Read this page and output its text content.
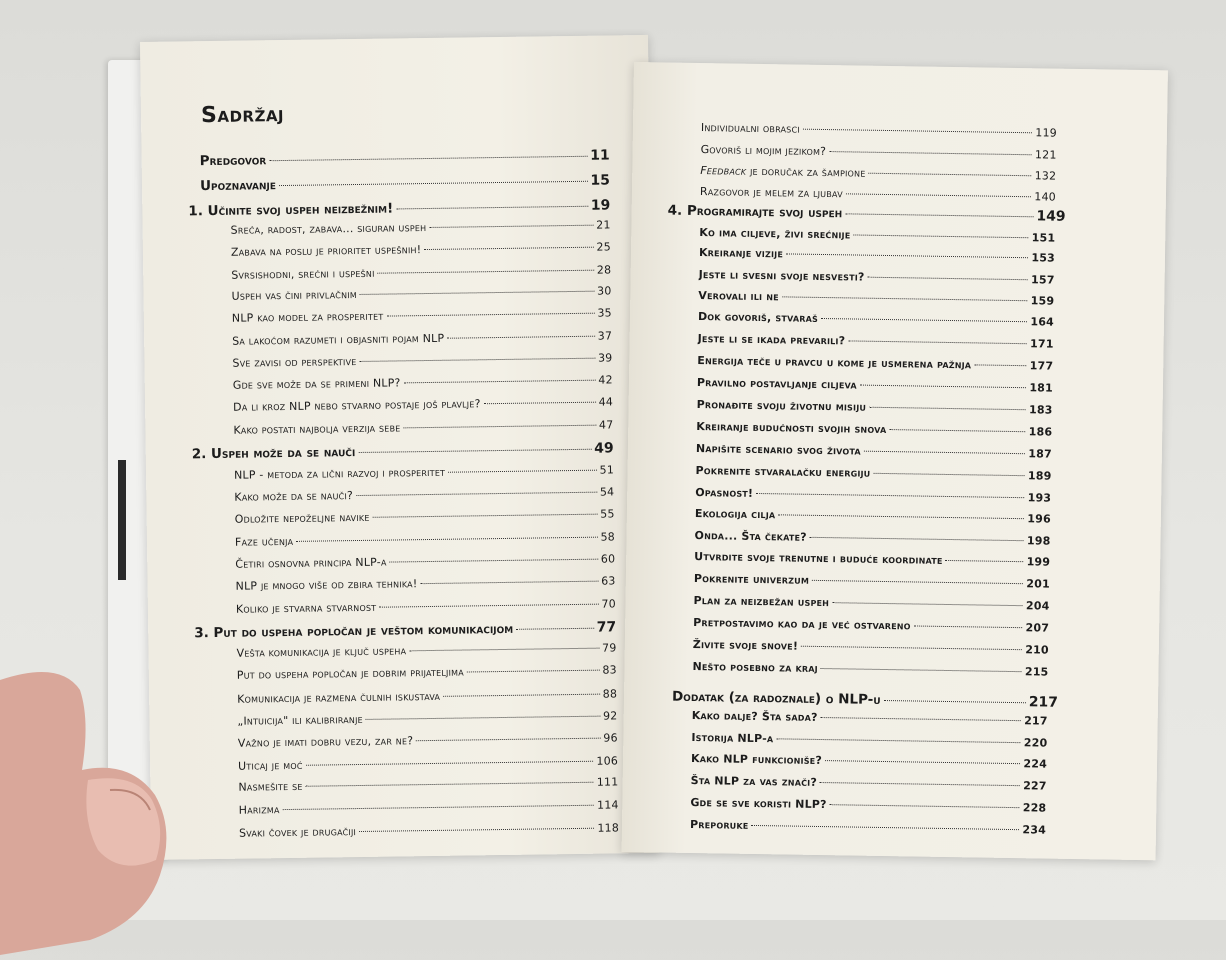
Sadržaj
Predgovor	11
Upoznavanje	15
1. Učinite svoj uspeh neizbežnim!	19
Sreća, radost, zabava... siguran uspeh	21
Zabava na poslu je prioritet uspešnih!	25
Svrsishodni, srećni i uspešni	28
Uspeh vas čini privlačnim	30
NLP kao model za prosperitet	35
Sa lakoćom razumeti i objasniti pojam NLP	37
Sve zavisi od perspektive	39
Gde sve može da se primeni NLP?	42
Da li kroz NLP nebo stvarno postaje još plavlje?	44
Kako postati najbolja verzija sebe	47
2. Uspeh može da se nauči	49
NLP - metoda za lični razvoj i prosperitet	51
Kako može da se nauči?	54
Odložite nepoželjne navike	55
Faze učenja	58
Četiri osnovna principa NLP-a	60
NLP je mnogo više od zbira tehnika!	63
Koliko je stvarna stvarnost	70
3. Put do uspeha popločan je veštom komunikacijom	77
Vešta komunikacija je ključ uspeha	79
Put do uspeha popločan je dobrim prijateljima	83
Komunikacija je razmena čulnih iskustava	88
„Intuicija" ili kalibriranje	92
Važno je imati dobru vezu, zar ne?	96
Uticaj je moć	106
Nasmešite se	111
Harizma	114
Svaki čovek je drugačiji	118
Individualni obrasci	119
Govoriš li mojim jezikom?	121
Feedback je doručak za šampione	132
Razgovor je melem za ljubav	140
4. Programirajte svoj uspeh	149
Ko ima ciljeve, živi srećnije	151
Kreiranje vizije	153
Jeste li svesni svoje nesvesti?	157
Verovali ili ne	159
Dok govoriš, stvaraš	164
Jeste li se ikada prevarili?	171
Energija teče u pravcu u kome je usmerena pažnja	177
Pravilno postavljanje ciljeva	181
Pronađite svoju životnu misiju	183
Kreiranje budućnosti svojih snova	186
Napišite scenario svog života	187
Pokrenite stvaralačku energiju	189
Opasnost!	193
Ekologija cilja	196
Onda... Šta čekate?	198
Utvrdite svoje trenutne i buduće koordinate	199
Pokrenite univerzum	201
Plan za neizbežan uspeh	204
Pretpostavimo kao da je već ostvareno	207
Živite svoje snove!	210
Nešto posebno za kraj	215
Dodatak (za radoznale) o NLP-u	217
Kako dalje? Šta sada?	217
Istorija NLP-a	220
Kako NLP funkcioniše?	224
Šta NLP za vas znači?	227
Gde se sve koristi NLP?	228
Preporuke	234
